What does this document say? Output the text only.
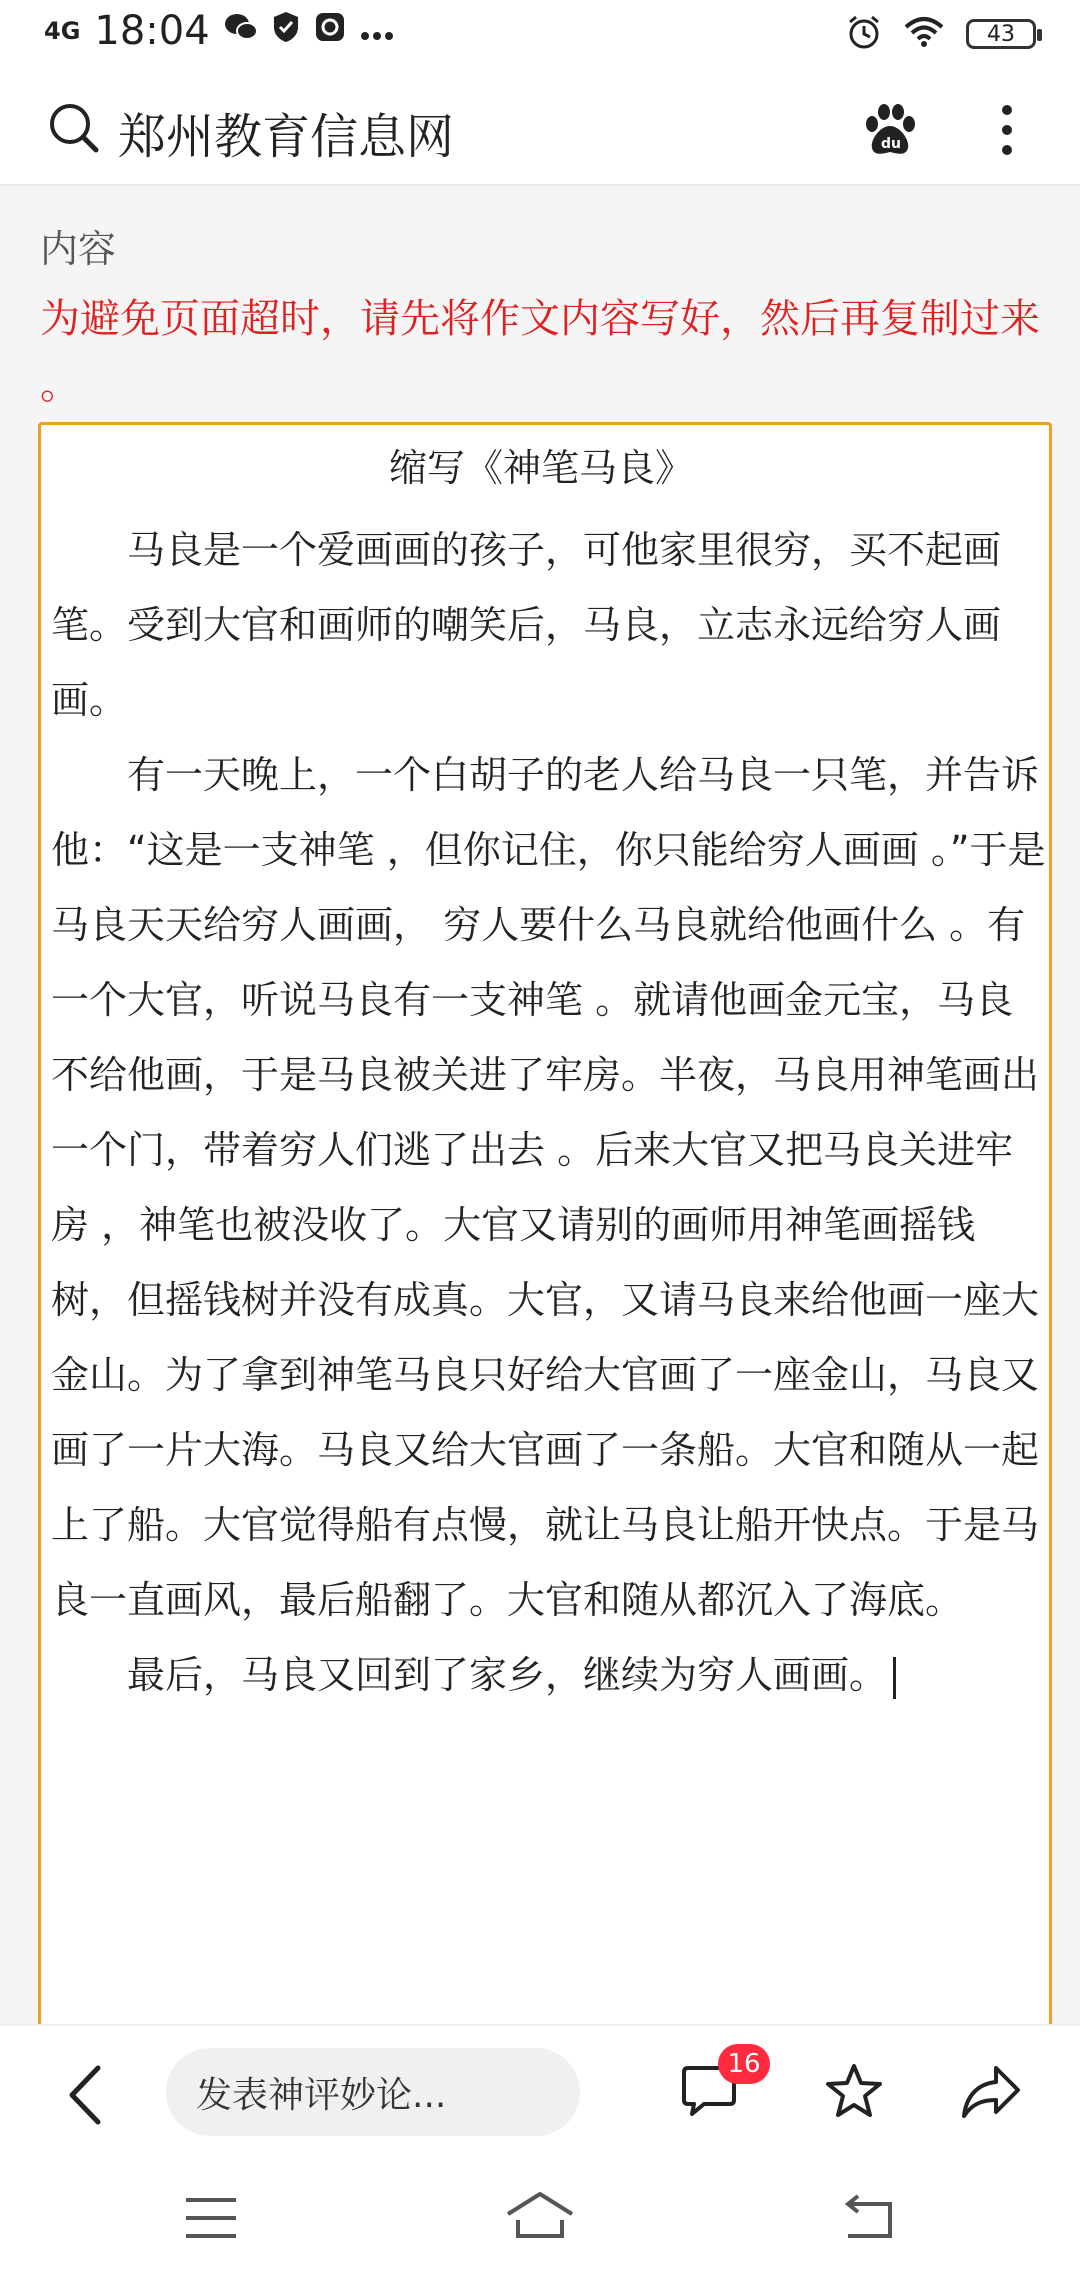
4G 18:04	43
郑州教育信息网	du
内容
为避免页面超时，请先将作文内容写好，然后再复制过来 。
缩写《神笔马良》

马良是一个爱画画的孩子，可他家里很穷，买不起画笔。受到大官和画师的嘲笑后，马良，立志永远给穷人画画。

有一天晚上，一个白胡子的老人给马良一只笔，并告诉他：“这是一支神笔 ，但你记住，你只能给穷人画画 。”于是马良天天给穷人画画， 穷人要什么马良就给他画什么 。有一个大官，听说马良有一支神笔 。就请他画金元宝，马良不给他画，于是马良被关进了牢房。半夜，马良用神笔画出一个门，带着穷人们逃了出去 。后来大官又把马良关进牢房 ，神笔也被没收了。大官又请别的画师用神笔画摇钱树，但摇钱树并没有成真。大官，又请马良来给他画一座大金山。为了拿到神笔马良只好给大官画了一座金山，马良又画了一片大海。马良又给大官画了一条船。大官和随从一起上了船。大官觉得船有点慢，就让马良让船开快点。于是马良一直画风，最后船翻了。大官和随从都沉入了海底。

最后，马良又回到了家乡，继续为穷人画画。

发表神评妙论...
16
